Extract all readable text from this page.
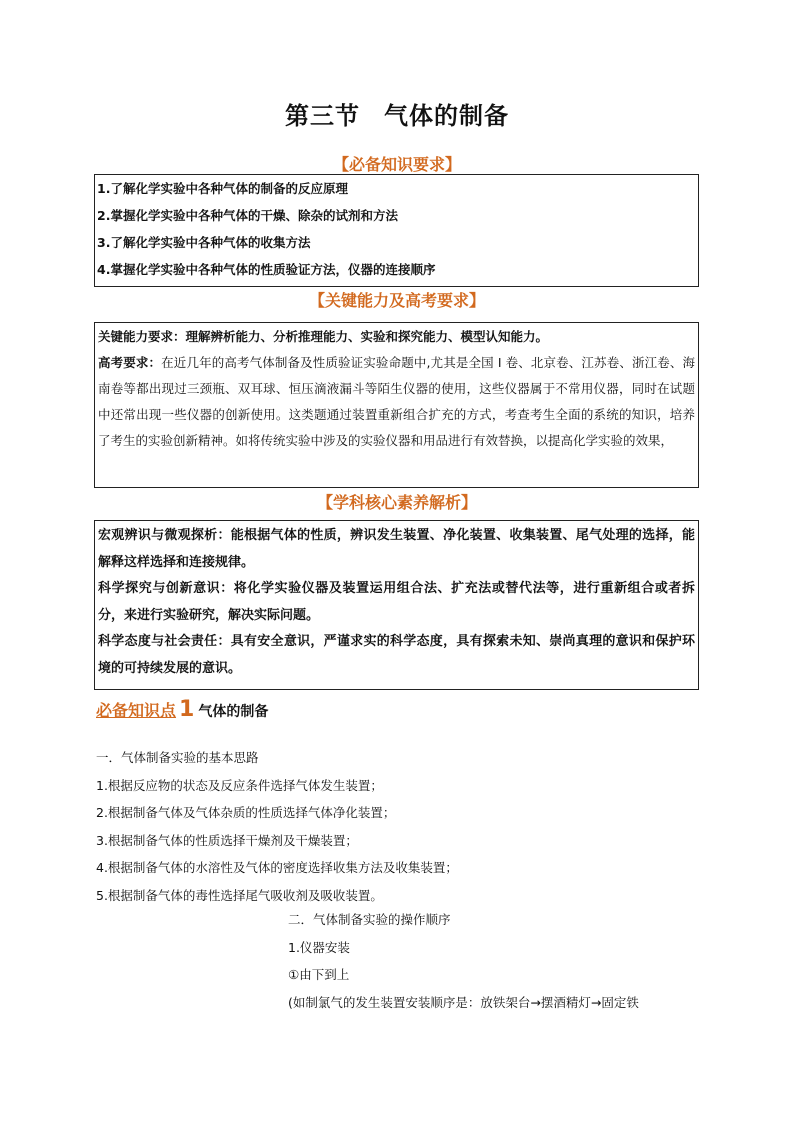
第三节 气体的制备
【必备知识要求】
1.了解化学实验中各种气体的制备的反应原理
2.掌握化学实验中各种气体的干燥、除杂的试剂和方法
3.了解化学实验中各种气体的收集方法
4.掌握化学实验中各种气体的性质验证方法，仪器的连接顺序
【关键能力及高考要求】
关键能力要求：理解辨析能力、分析推理能力、实验和探究能力、模型认知能力。
高考要求：在近几年的高考气体制备及性质验证实验命题中,尤其是全国 I 卷、北京卷、江苏卷、浙江卷、海南卷等都出现过三颈瓶、双耳球、恒压滴液漏斗等陌生仪器的使用，这些仪器属于不常用仪器，同时在试题中还常出现一些仪器的创新使用。这类题通过装置重新组合扩充的方式，考查考生全面的系统的知识，培养了考生的实验创新精神。如将传统实验中涉及的实验仪器和用品进行有效替换，以提高化学实验的效果，
【学科核心素养解析】
宏观辨识与微观探析：能根据气体的性质，辨识发生装置、净化装置、收集装置、尾气处理的选择，能解释这样选择和连接规律。
科学探究与创新意识：将化学实验仪器及装置运用组合法、扩充法或替代法等，进行重新组合或者拆分，来进行实验研究，解决实际问题。
科学态度与社会责任：具有安全意识，严谨求实的科学态度，具有探索未知、崇尚真理的意识和保护环境的可持续发展的意识。
必备知识点 1 气体的制备
一．气体制备实验的基本思路
1.根据反应物的状态及反应条件选择气体发生装置；
2.根据制备气体及气体杂质的性质选择气体净化装置；
3.根据制备气体的性质选择干燥剂及干燥装置；
4.根据制备气体的水溶性及气体的密度选择收集方法及收集装置；
5.根据制备气体的毒性选择尾气吸收剂及吸收装置。
二．气体制备实验的操作顺序
1.仪器安装
①由下到上
(如制氯气的发生装置安装顺序是：放铁架台→摆酒精灯→固定铁
